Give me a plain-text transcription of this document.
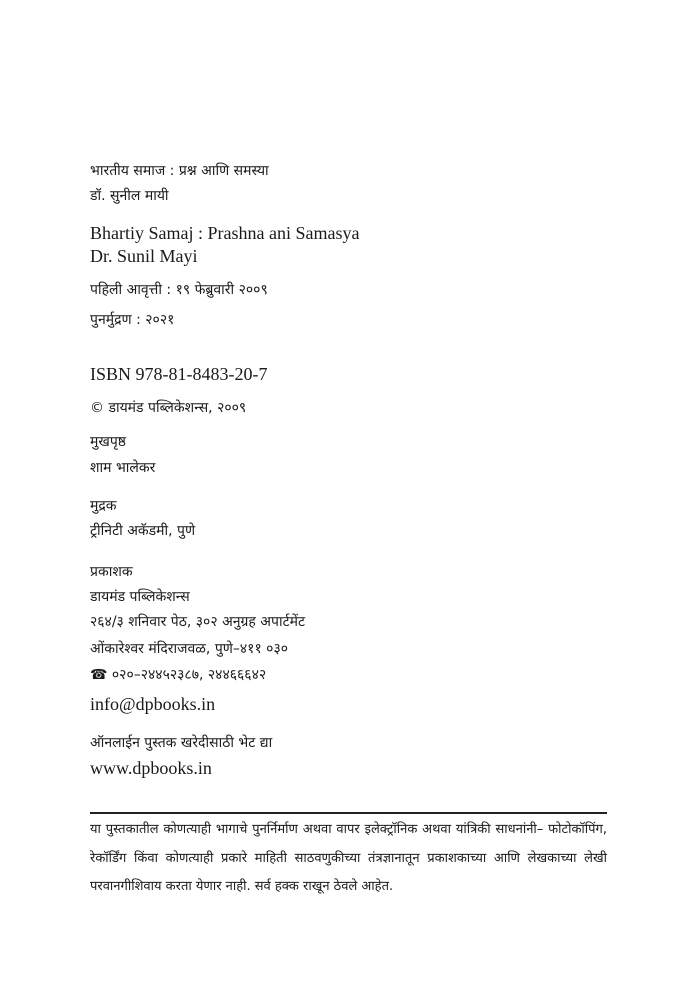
भारतीय समाज : प्रश्न आणि समस्या
डॉ. सुनील मायी
Bhartiy Samaj : Prashna ani Samasya
Dr. Sunil Mayi
पहिली आवृत्ती : १९ फेब्रुवारी २००९
पुनर्मुद्रण : २०२१
ISBN 978-81-8483-20-7
© डायमंड पब्लिकेशन्स, २००९
मुखपृष्ठ
शाम भालेकर
मुद्रक
ट्रीनिटी अकॅडमी, पुणे
प्रकाशक
डायमंड पब्लिकेशन्स
२६४/३ शनिवार पेठ, ३०२ अनुग्रह अपार्टमेंट
ओंकारेश्वर मंदिराजवळ, पुणे–४११ ०३०
☎ ०२०–२४४५२३८७, २४४६६६४२
info@dpbooks.in
ऑनलाईन पुस्तक खरेदीसाठी भेट द्या
www.dpbooks.in
या पुस्तकातील कोणत्याही भागाचे पुनर्निर्माण अथवा वापर इलेक्ट्रॉनिक अथवा यांत्रिकी साधनांनी– फोटोकॉपिंग, रेकॉर्डिंग किंवा कोणत्याही प्रकारे माहिती साठवणुकीच्या तंत्रज्ञानातून प्रकाशकाच्या आणि लेखकाच्या लेखी परवानगीशिवाय करता येणार नाही. सर्व हक्क राखून ठेवले आहेत.
